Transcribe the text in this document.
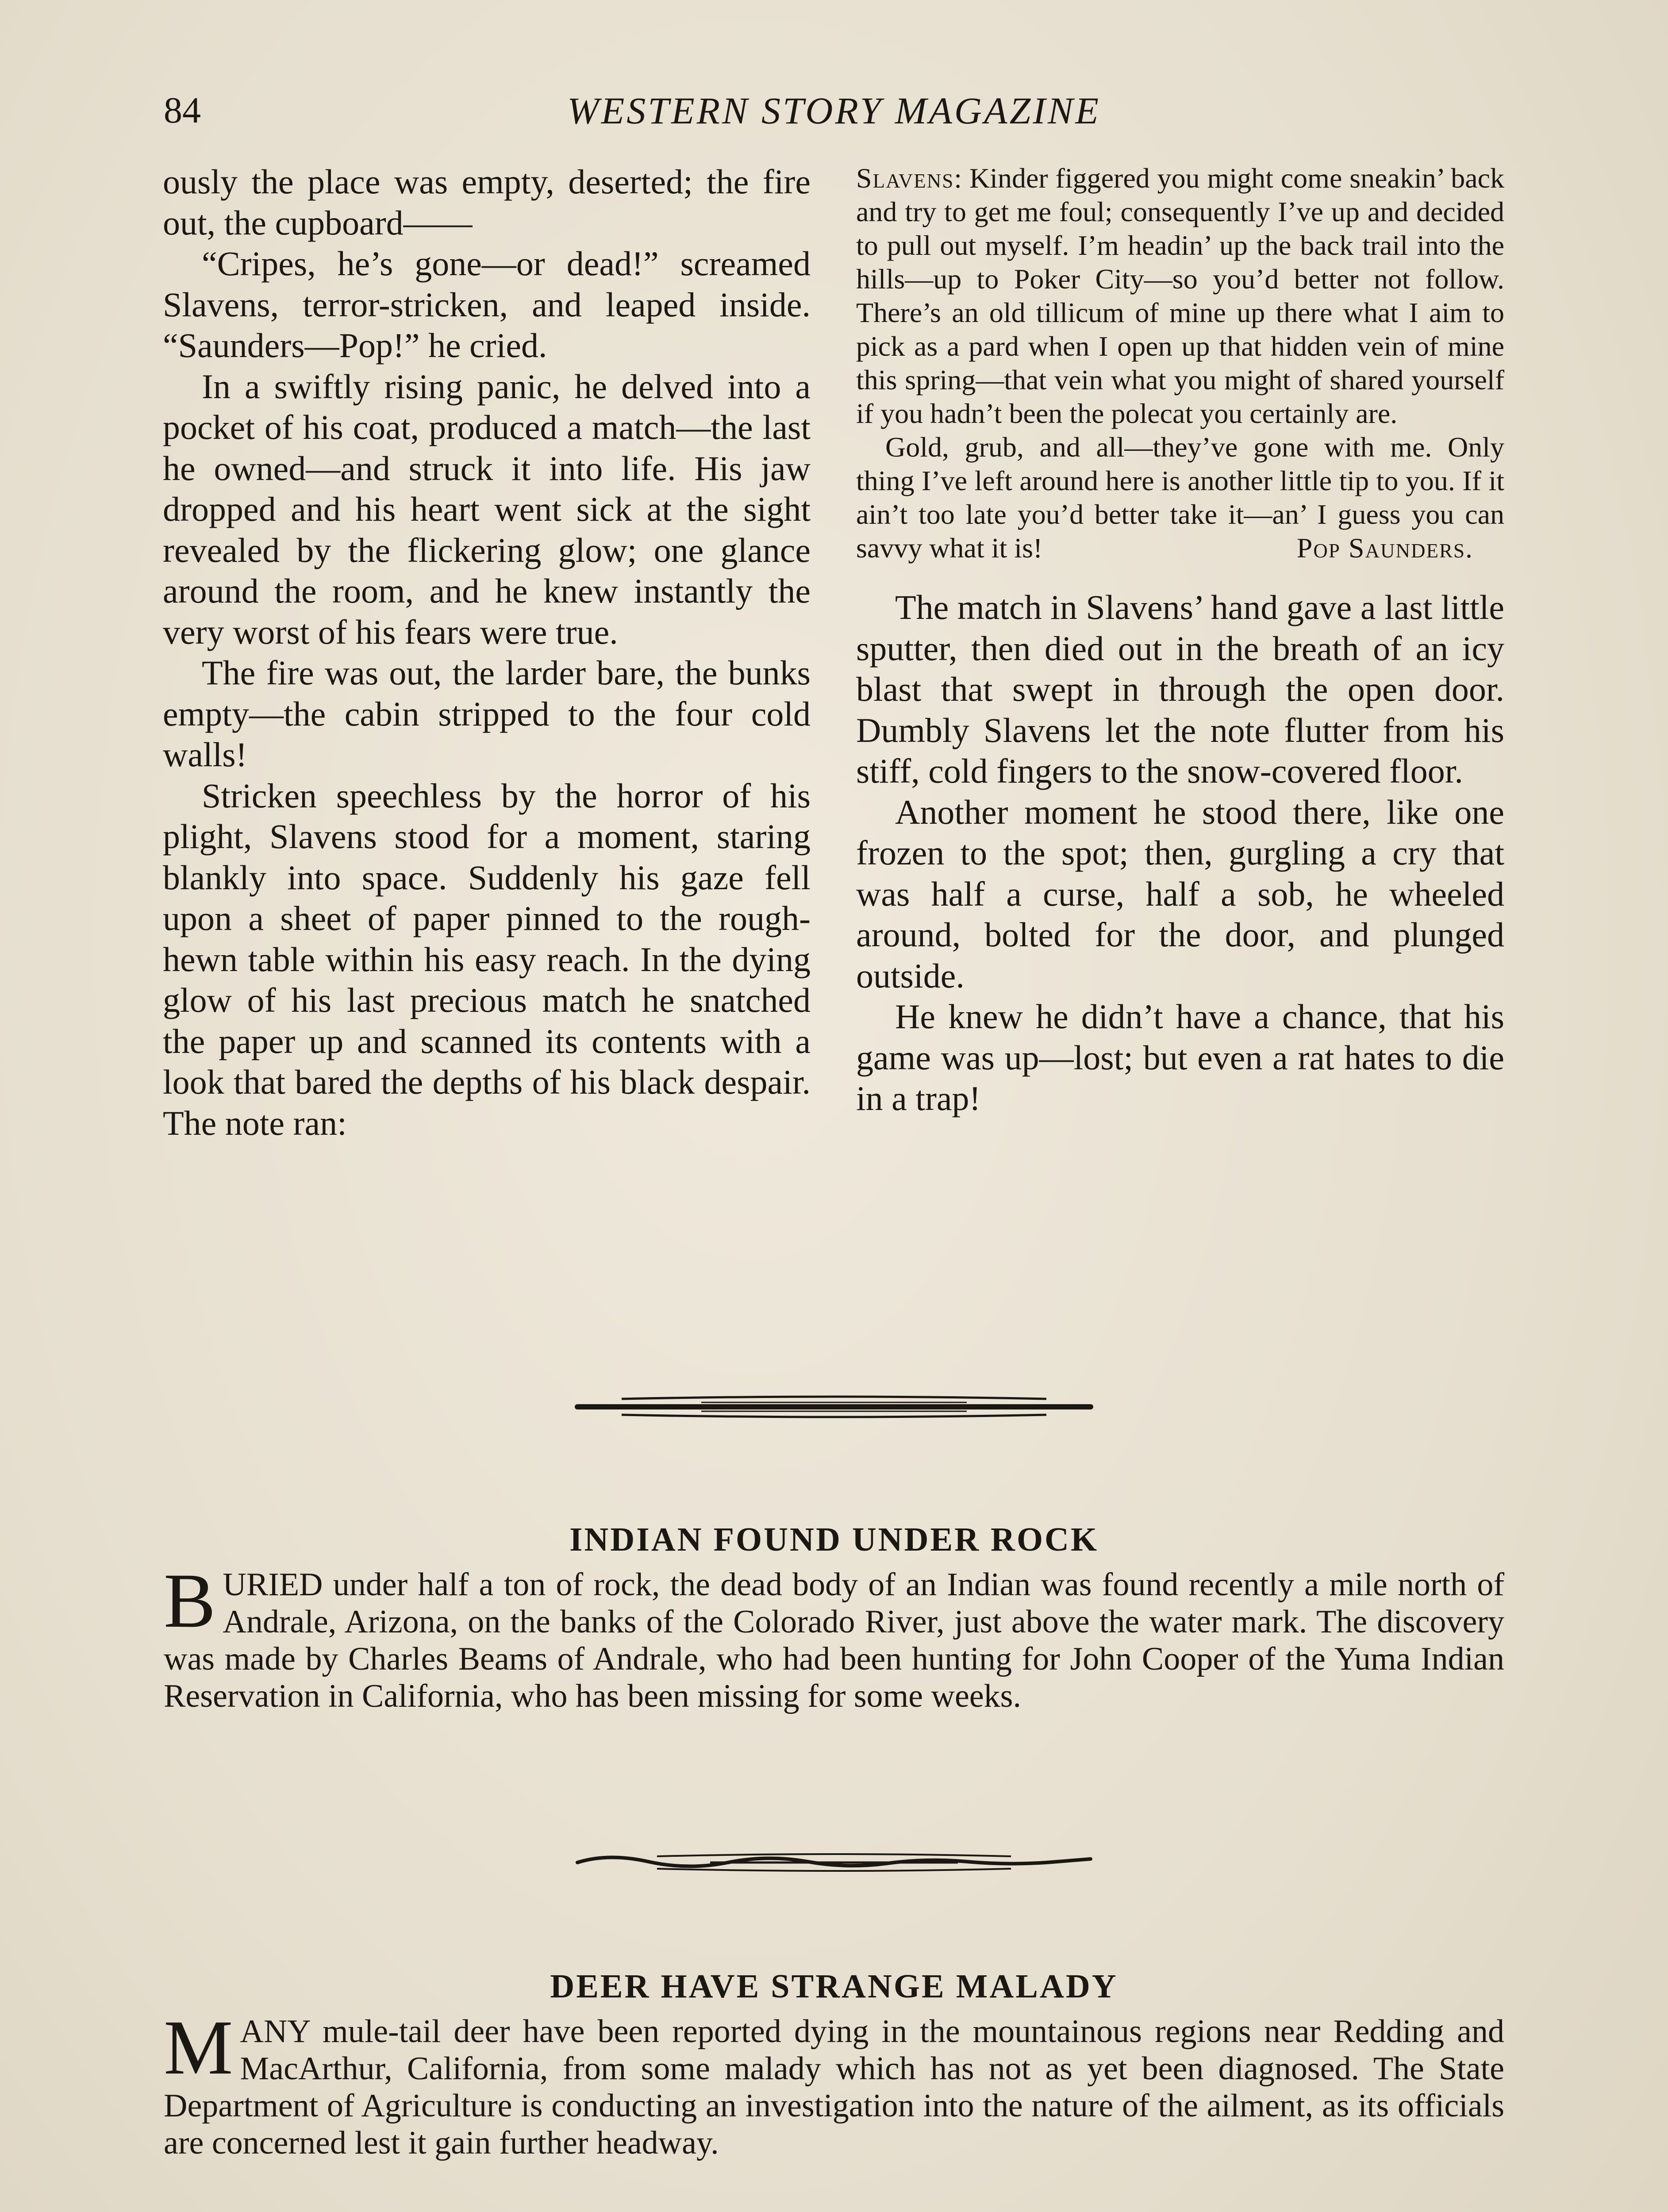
84	WESTERN STORY MAGAZINE

ously the place was empty, deserted; the fire out, the cupboard——

“Cripes, he’s gone—or dead!” screamed Slavens, terror-stricken, and leaped inside. “Saunders—Pop!” he cried.

In a swiftly rising panic, he delved into a pocket of his coat, produced a match—the last he owned—and struck it into life. His jaw dropped and his heart went sick at the sight revealed by the flickering glow; one glance around the room, and he knew instantly the very worst of his fears were true.

The fire was out, the larder bare, the bunks empty—the cabin stripped to the four cold walls!

Stricken speechless by the horror of his plight, Slavens stood for a moment, staring blankly into space. Suddenly his gaze fell upon a sheet of paper pinned to the rough-hewn table within his easy reach. In the dying glow of his last precious match he snatched the paper up and scanned its contents with a look that bared the depths of his black despair. The note ran:

Slavens: Kinder figgered you might come sneakin’ back and try to get me foul; consequently I’ve up and decided to pull out myself. I’m headin’ up the back trail into the hills—up to Poker City—so you’d better not follow. There’s an old tillicum of mine up there what I aim to pick as a pard when I open up that hidden vein of mine this spring—that vein what you might of shared yourself if you hadn’t been the polecat you certainly are.

Gold, grub, and all—they’ve gone with me. Only thing I’ve left around here is another little tip to you. If it ain’t too late you’d better take it—an’ I guess you can savvy what it is!	Pop Saunders.

The match in Slavens’ hand gave a last little sputter, then died out in the breath of an icy blast that swept in through the open door. Dumbly Slavens let the note flutter from his stiff, cold fingers to the snow-covered floor.

Another moment he stood there, like one frozen to the spot; then, gurgling a cry that was half a curse, half a sob, he wheeled around, bolted for the door, and plunged outside.

He knew he didn’t have a chance, that his game was up—lost; but even a rat hates to die in a trap!

INDIAN FOUND UNDER ROCK

BURIED under half a ton of rock, the dead body of an Indian was found recently a mile north of Andrale, Arizona, on the banks of the Colorado River, just above the water mark. The discovery was made by Charles Beams of Andrale, who had been hunting for John Cooper of the Yuma Indian Reservation in California, who has been missing for some weeks.

DEER HAVE STRANGE MALADY

MANY mule-tail deer have been reported dying in the mountainous regions near Redding and MacArthur, California, from some malady which has not as yet been diagnosed. The State Department of Agriculture is conducting an investigation into the nature of the ailment, as its officials are concerned lest it gain further headway.
